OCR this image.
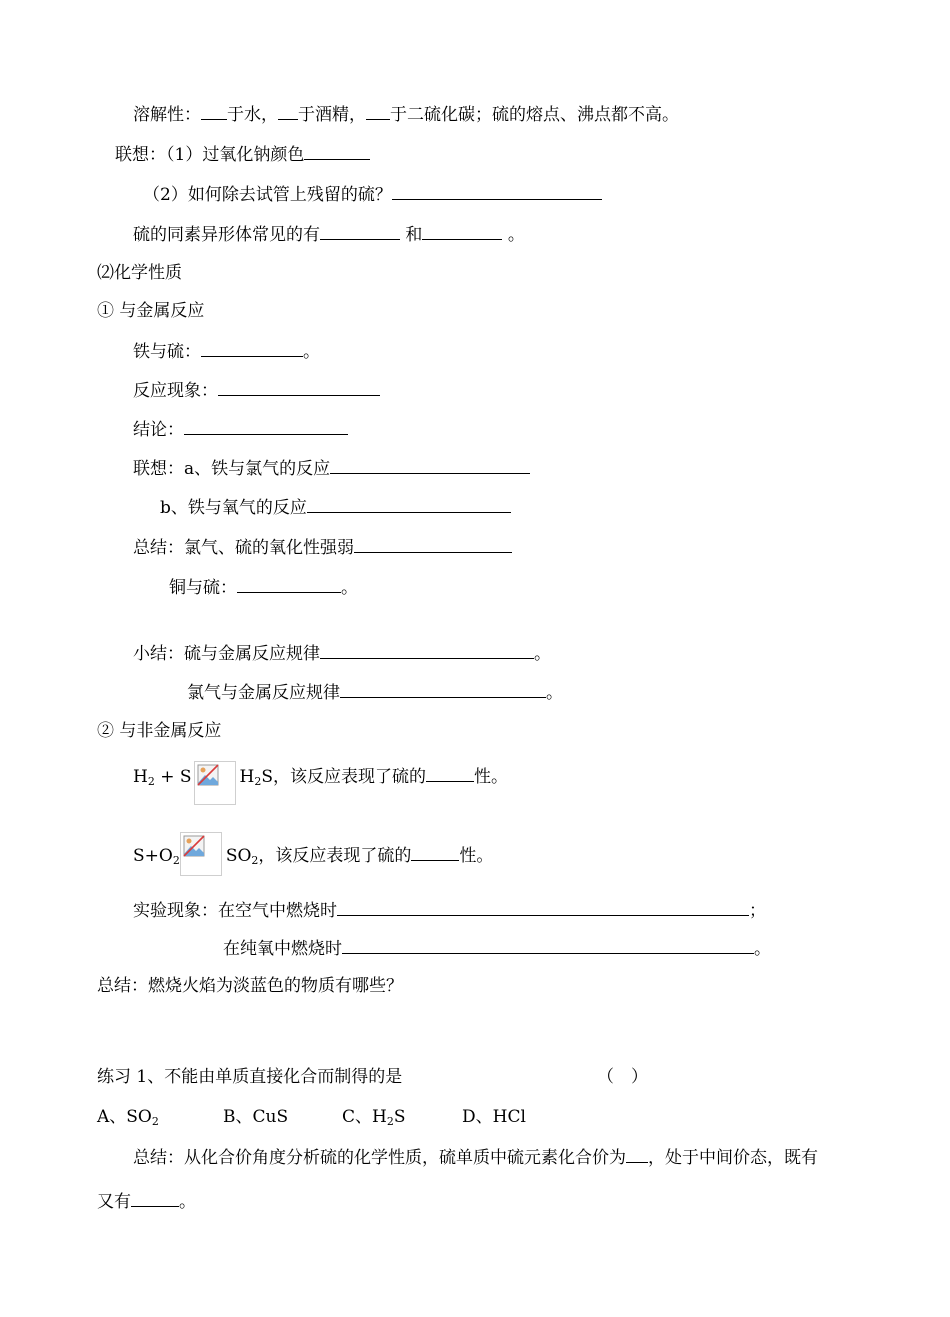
溶解性： 于水， 于酒精， 于二硫化碳；硫的熔点、沸点都不高。
联想：（1）过氧化钠颜色
（2）如何除去试管上残留的硫？
硫的同素异形体常见的有	和	。
⑵化学性质
① 与金属反应
铁与硫：	。
反应现象：
结论：
联想：a、铁与氯气的反应
b、铁与氧气的反应
总结：氯气、硫的氧化性强弱
铜与硫：	。
小结：硫与金属反应规律	。
氯气与金属反应规律	。
② 与非金属反应
$H_2 + S$	$H_2S$，该反应表现了硫的	性。
$S+O_2$	$SO_2$，该反应表现了硫的	性。
实验现象：在空气中燃烧时	；
在纯氧中燃烧时	。
总结：燃烧火焰为淡蓝色的物质有哪些？
练习 1、不能由单质直接化合而制得的是	（　）
A、$SO_2$	B、CuS	C、$H_2S$	D、HCl
总结：从化合价角度分析硫的化学性质，硫单质中硫元素化合价为 ，处于中间价态，既有
又有	。
